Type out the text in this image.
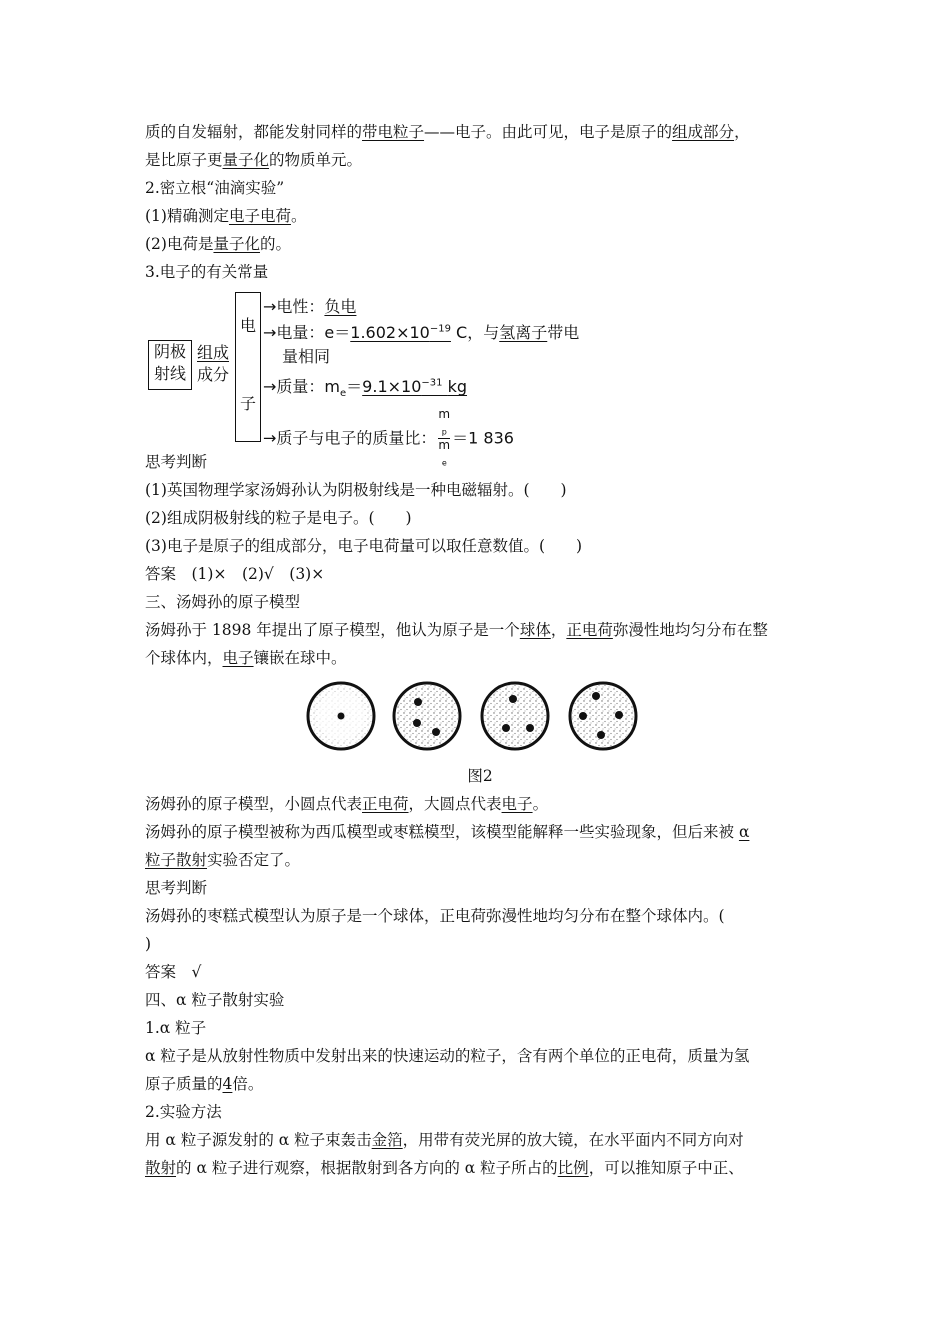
质的自发辐射，都能发射同样的带电粒子——电子。由此可见，电子是原子的组成部分，
是比原子更量子化的物质单元。
2.密立根“油滴实验”
(1)精确测定电子电荷。
(2)电荷是量子化的。
3.电子的有关常量
阴极
射线
组成
成分
电
子
→电性：负电
→电量：$e=1.602\times 10^{-19}$ C，与氢离子带电
量相同
→质量：$m_e=9.1\times 10^{-31}$ kg
→质子与电子的质量比： m
$_p$
m
$_e$ ＝1 836
思考判断
(1)英国物理学家汤姆孙认为阴极射线是一种电磁辐射。(　　)
(2)组成阴极射线的粒子是电子。(　　)
(3)电子是原子的组成部分，电子电荷量可以取任意数值。(　　)
答案　(1)×　(2)√　(3)×
三、汤姆孙的原子模型
汤姆孙于 1898 年提出了原子模型，他认为原子是一个球体，正电荷弥漫性地均匀分布在整
个球体内，电子镶嵌在球中。
图2
汤姆孙的原子模型，小圆点代表正电荷，大圆点代表电子。
汤姆孙的原子模型被称为西瓜模型或枣糕模型，该模型能解释一些实验现象，但后来被 α
粒子散射实验否定了。
思考判断
汤姆孙的枣糕式模型认为原子是一个球体，正电荷弥漫性地均匀分布在整个球体内。(
)
答案　√
四、α 粒子散射实验
1.α 粒子
α 粒子是从放射性物质中发射出来的快速运动的粒子，含有两个单位的正电荷，质量为氢
原子质量的4倍。
2.实验方法
用 α 粒子源发射的 α 粒子束轰击金箔，用带有荧光屏的放大镜，在水平面内不同方向对
散射的 α 粒子进行观察，根据散射到各方向的 α 粒子所占的比例，可以推知原子中正、
